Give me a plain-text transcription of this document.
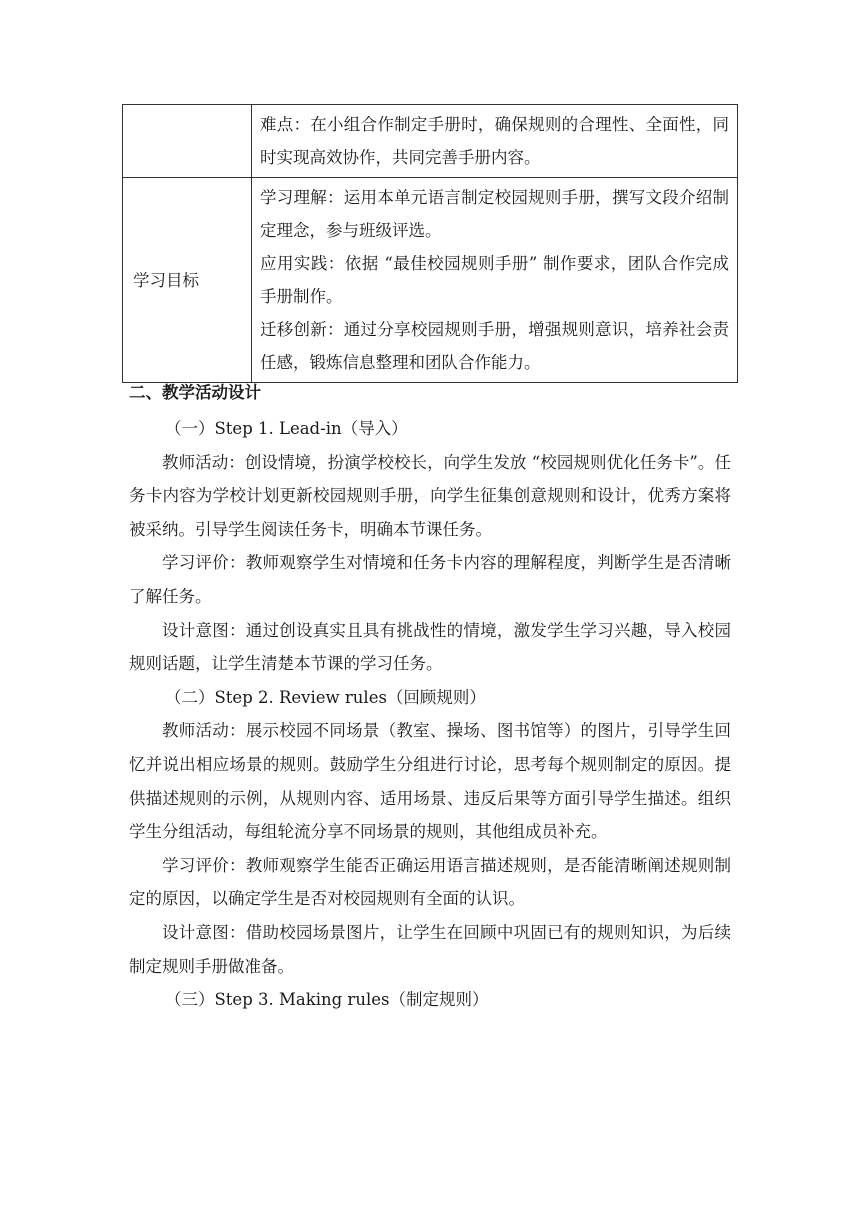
	难点：在小组合作制定手册时，确保规则的合理性、全面性，同时实现高效协作，共同完善手册内容。

学习目标	学习理解：运用本单元语言制定校园规则手册，撰写文段介绍制定理念，参与班级评选。

应用实践：依据 “最佳校园规则手册” 制作要求，团队合作完成手册制作。

迁移创新：通过分享校园规则手册，增强规则意识，培养社会责任感，锻炼信息整理和团队合作能力。

二、教学活动设计

（一）Step 1. Lead-in（导入）

教师活动：创设情境，扮演学校校长，向学生发放 “校园规则优化任务卡”。任务卡内容为学校计划更新校园规则手册，向学生征集创意规则和设计，优秀方案将被采纳。引导学生阅读任务卡，明确本节课任务。

学习评价：教师观察学生对情境和任务卡内容的理解程度，判断学生是否清晰了解任务。

设计意图：通过创设真实且具有挑战性的情境，激发学生学习兴趣，导入校园规则话题，让学生清楚本节课的学习任务。

（二）Step 2. Review rules（回顾规则）

教师活动：展示校园不同场景（教室、操场、图书馆等）的图片，引导学生回忆并说出相应场景的规则。鼓励学生分组进行讨论，思考每个规则制定的原因。提供描述规则的示例，从规则内容、适用场景、违反后果等方面引导学生描述。组织学生分组活动，每组轮流分享不同场景的规则，其他组成员补充。

学习评价：教师观察学生能否正确运用语言描述规则，是否能清晰阐述规则制定的原因，以确定学生是否对校园规则有全面的认识。

设计意图：借助校园场景图片，让学生在回顾中巩固已有的规则知识，为后续制定规则手册做准备。

（三）Step 3. Making rules（制定规则）
